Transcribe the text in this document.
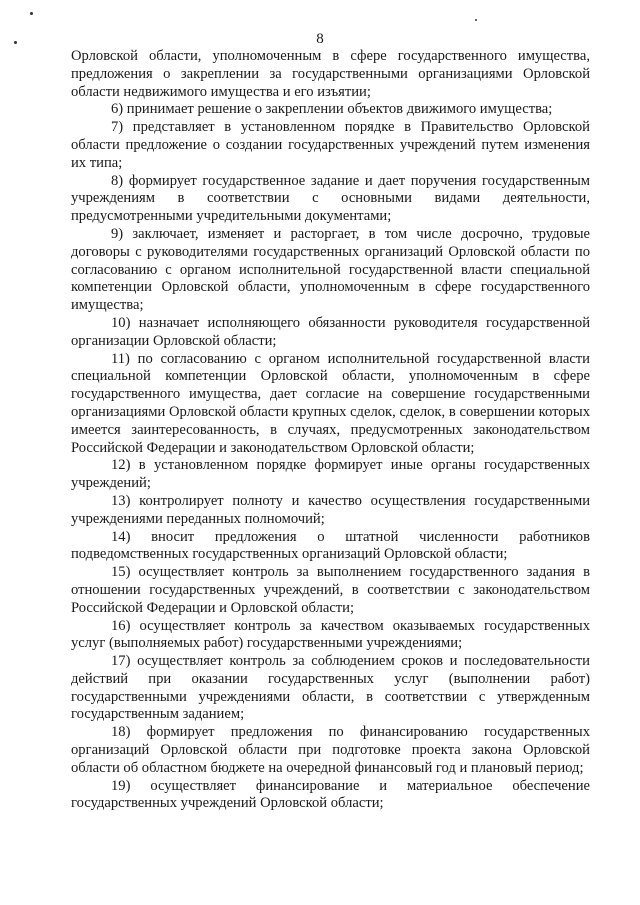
8

Орловской области, уполномоченным в сфере государственного имущества, предложения о закреплении за государственными организациями Орловской области недвижимого имущества и его изъятии;

6) принимает решение о закреплении объектов движимого имущества;

7) представляет в установленном порядке в Правительство Орловской области предложение о создании государственных учреждений путем изменения их типа;

8) формирует государственное задание и дает поручения государственным учреждениям в соответствии с основными видами деятельности, предусмотренными учредительными документами;

9) заключает, изменяет и расторгает, в том числе досрочно, трудовые договоры с руководителями государственных организаций Орловской области по согласованию с органом исполнительной государственной власти специальной компетенции Орловской области, уполномоченным в сфере государственного имущества;

10) назначает исполняющего обязанности руководителя государственной организации Орловской области;

11) по согласованию с органом исполнительной государственной власти специальной компетенции Орловской области, уполномоченным в сфере государственного имущества, дает согласие на совершение государственными организациями Орловской области крупных сделок, сделок, в совершении которых имеется заинтересованность, в случаях, предусмотренных законодательством Российской Федерации и законодательством Орловской области;

12) в установленном порядке формирует иные органы государственных учреждений;

13) контролирует полноту и качество осуществления государственными учреждениями переданных полномочий;

14) вносит предложения о штатной численности работников подведомственных государственных организаций Орловской области;

15) осуществляет контроль за выполнением государственного задания в отношении государственных учреждений, в соответствии с законодательством Российской Федерации и Орловской области;

16) осуществляет контроль за качеством оказываемых государственных услуг (выполняемых работ) государственными учреждениями;

17) осуществляет контроль за соблюдением сроков и последовательности действий при оказании государственных услуг (выполнении работ) государственными учреждениями области, в соответствии с утвержденным государственным заданием;

18) формирует предложения по финансированию государственных организаций Орловской области при подготовке проекта закона Орловской области об областном бюджете на очередной финансовый год и плановый период;

19) осуществляет финансирование и материальное обеспечение государственных учреждений Орловской области;
